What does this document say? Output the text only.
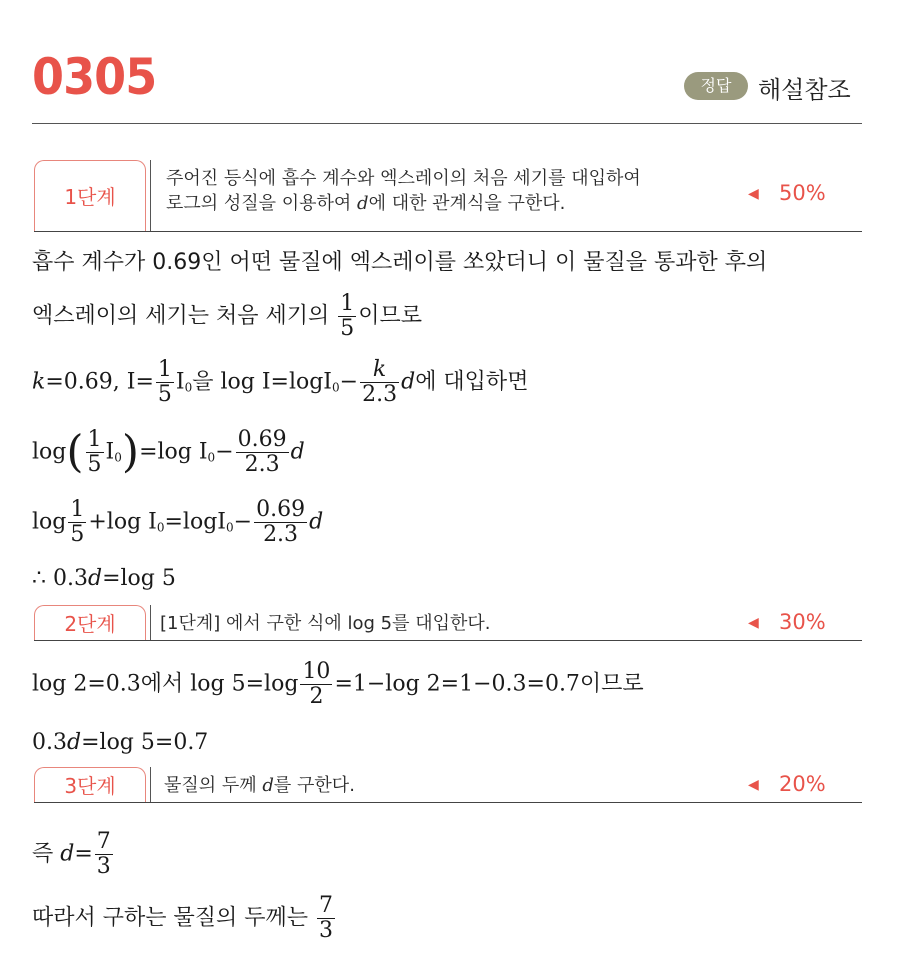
0305	정답	해설참조
1단계
주어진 등식에 흡수 계수와 엑스레이의 처음 세기를 대입하여
로그의 성질을 이용하여 d에 대한 관계식을 구한다.	◀ 50%
흡수 계수가 0.69인 어떤 물질에 엑스레이를 쏘았더니 이 물질을 통과한 후의
엑스레이의 세기는 처음 세기의 $\frac{1}{5}$ 이므로
k=0.69, $I= \frac{1}{5} I_0$을 $\log I=\log I_0- \frac{k}{2.3}$ d에 대입하면
$\log( \frac{1}{5} I_0)=\log$ $I_0- \frac{0.69}{2.3}$ d
$\log \frac{1}{5} +\log$ $I_0=\log I_0- \frac{0.69}{2.3}$ d
∴ 0.3d=log 5
2단계	[1단계] 에서 구한 식에 log 5를 대입한다.	◀ 30%
log 2=0.3에서 $\log 5=\log \frac{10}{2} =1-\log$ 2=1−0.3=0.7이므로
0.3d=log 5=0.7
3단계	물질의 두께 d를 구한다.	◀ 20%
즉 $d= \frac{7}{3}$
따라서 구하는 물질의 두께는 $\frac{7}{3}$
